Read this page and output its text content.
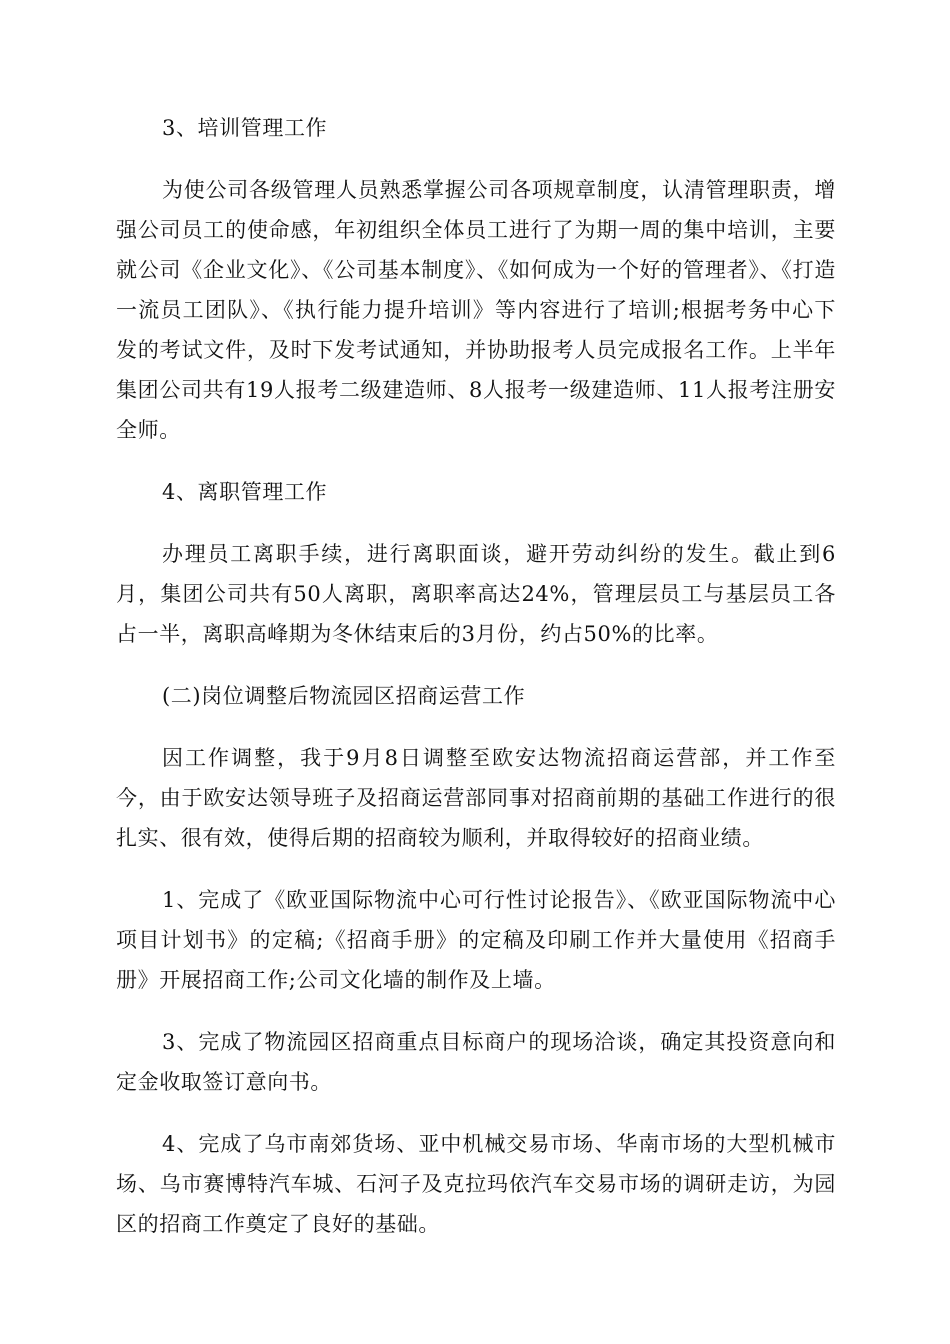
3、培训管理工作

为使公司各级管理人员熟悉掌握公司各项规章制度，认清管理职责，增强公司员工的使命感，年初组织全体员工进行了为期一周的集中培训，主要就公司《企业文化》、《公司基本制度》、《如何成为一个好的管理者》、《打造一流员工团队》、《执行能力提升培训》等内容进行了培训;根据考务中心下发的考试文件，及时下发考试通知，并协助报考人员完成报名工作。上半年集团公司共有19人报考二级建造师、8人报考一级建造师、11人报考注册安全师。

4、离职管理工作

办理员工离职手续，进行离职面谈，避开劳动纠纷的发生。截止到6月，集团公司共有50人离职，离职率高达24%，管理层员工与基层员工各占一半，离职高峰期为冬休结束后的3月份，约占50%的比率。

(二)岗位调整后物流园区招商运营工作

因工作调整，我于9月8日调整至欧安达物流招商运营部，并工作至今，由于欧安达领导班子及招商运营部同事对招商前期的基础工作进行的很扎实、很有效，使得后期的招商较为顺利，并取得较好的招商业绩。

1、完成了《欧亚国际物流中心可行性讨论报告》、《欧亚国际物流中心项目计划书》的定稿;《招商手册》的定稿及印刷工作并大量使用《招商手册》开展招商工作;公司文化墙的制作及上墙。

3、完成了物流园区招商重点目标商户的现场洽谈，确定其投资意向和定金收取签订意向书。

4、完成了乌市南郊货场、亚中机械交易市场、华南市场的大型机械市场、乌市赛博特汽车城、石河子及克拉玛依汽车交易市场的调研走访，为园区的招商工作奠定了良好的基础。
